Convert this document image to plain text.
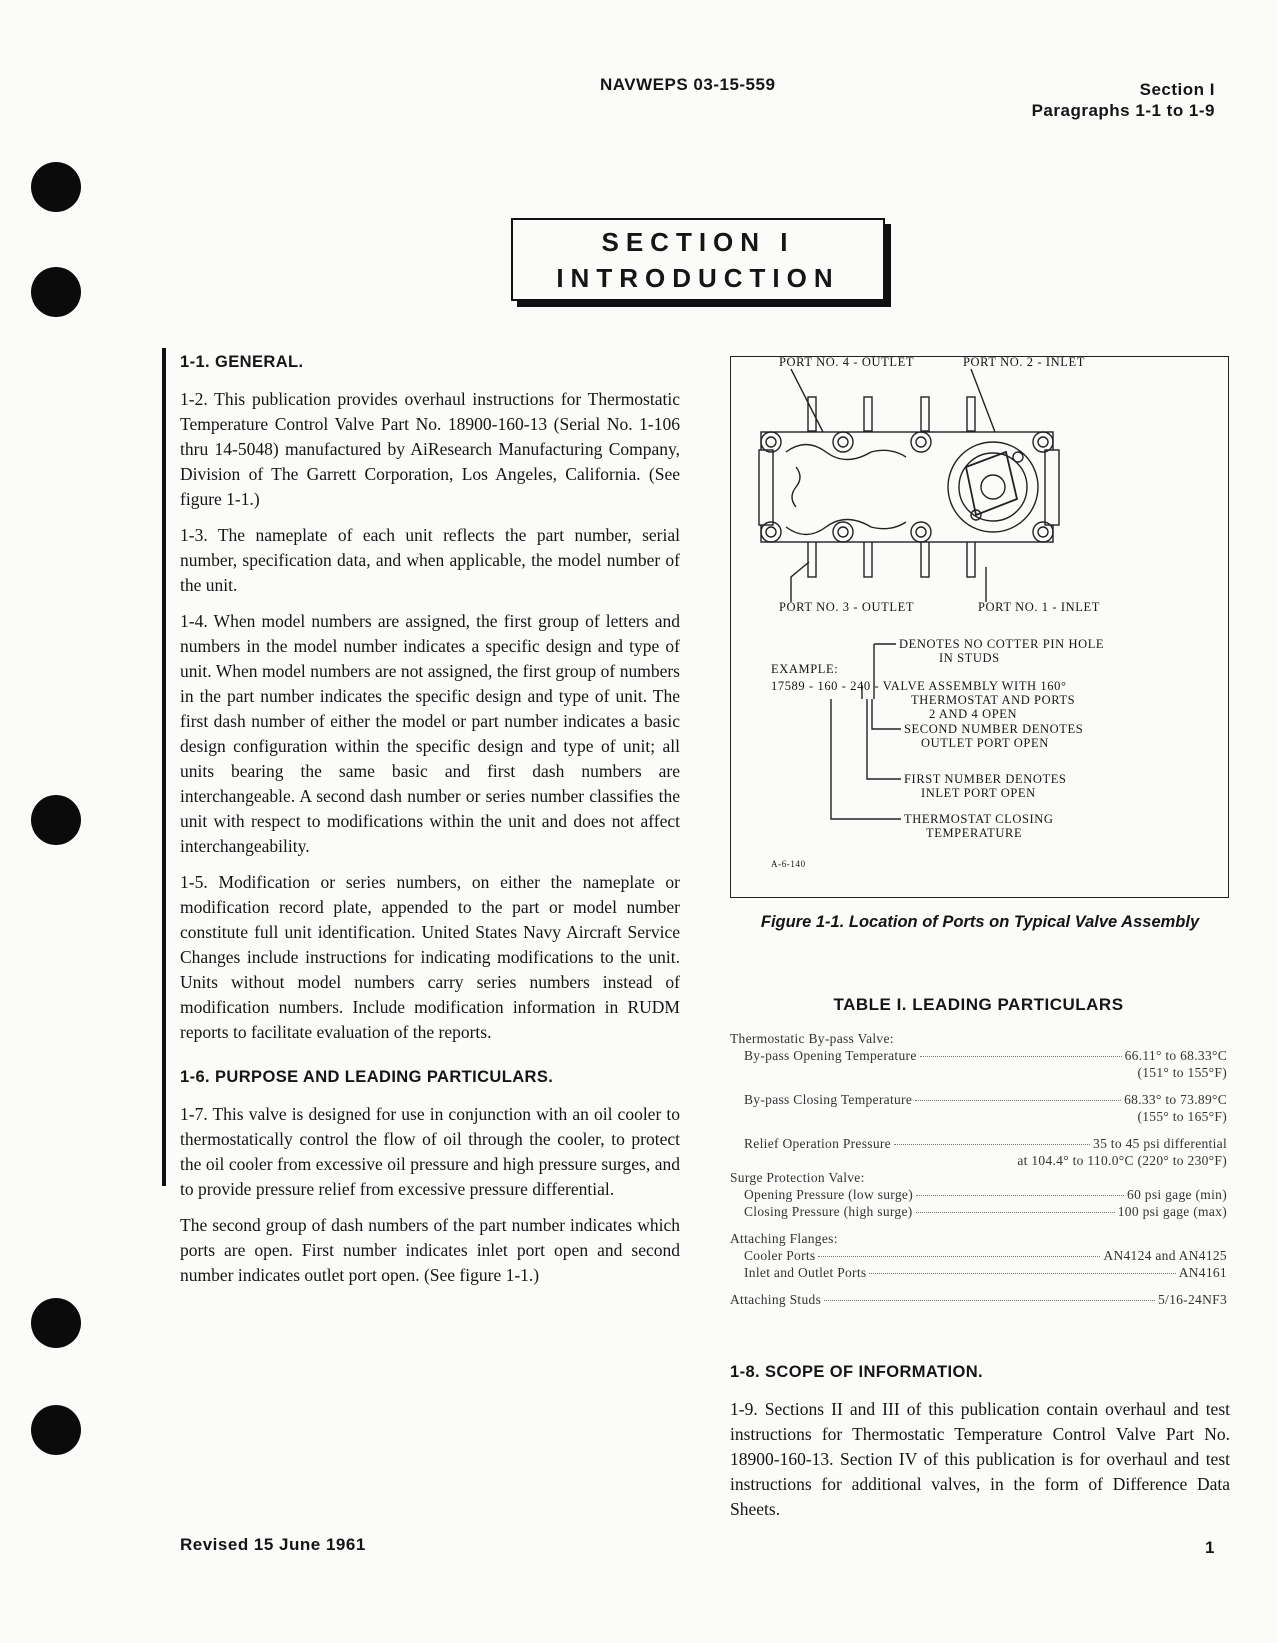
NAVWEPS 03-15-559	Section I
Paragraphs 1-1 to 1-9
SECTION I
INTRODUCTION
1-1. GENERAL.

1-2. This publication provides overhaul instructions for Thermostatic Temperature Control Valve Part No. 18900-160-13 (Serial No. 1-106 thru 14-5048) manufactured by AiResearch Manufacturing Company, Division of The Garrett Corporation, Los Angeles, California. (See figure 1-1.)

1-3. The nameplate of each unit reflects the part number, serial number, specification data, and when applicable, the model number of the unit.

1-4. When model numbers are assigned, the first group of letters and numbers in the model number indicates a specific design and type of unit. When model numbers are not assigned, the first group of numbers in the part number indicates the specific design and type of unit. The first dash number of either the model or part number indicates a basic design configuration within the specific design and type of unit; all units bearing the same basic and first dash numbers are interchangeable. A second dash number or series number classifies the unit with respect to modifications within the unit and does not affect interchangeability.

1-5. Modification or series numbers, on either the nameplate or modification record plate, appended to the part or model number constitute full unit identification. United States Navy Aircraft Service Changes include instructions for indicating modifications to the unit. Units without model numbers carry series numbers instead of modification numbers. Include modification information in RUDM reports to facilitate evaluation of the reports.

1-6. PURPOSE AND LEADING PARTICULARS.

1-7. This valve is designed for use in conjunction with an oil cooler to thermostatically control the flow of oil through the cooler, to protect the oil cooler from excessive oil pressure and high pressure surges, and to provide pressure relief from excessive pressure differential.

The second group of dash numbers of the part number indicates which ports are open. First number indicates inlet port open and second number indicates outlet port open. (See figure 1-1.)

PORT NO. 4 - OUTLET	PORT NO. 2 - INLET
PORT NO. 3 - OUTLET	PORT NO. 1 - INLET
DENOTES NO COTTER PIN HOLE
IN STUDS
EXAMPLE:
17589 - 160 - 240 - VALVE ASSEMBLY WITH 160°
THERMOSTAT AND PORTS
2 AND 4 OPEN
SECOND NUMBER DENOTES
OUTLET PORT OPEN
FIRST NUMBER DENOTES
INLET PORT OPEN
THERMOSTAT CLOSING
TEMPERATURE
A-6-140
Figure 1-1. Location of Ports on Typical Valve Assembly
TABLE I. LEADING PARTICULARS
Thermostatic By-pass Valve:
By-pass Opening Temperature	66.11° to 68.33°C
(151° to 155°F)
By-pass Closing Temperature	68.33° to 73.89°C
(155° to 165°F)
Relief Operation Pressure	35 to 45 psi differential
at 104.4° to 110.0°C (220° to 230°F)
Surge Protection Valve:
Opening Pressure (low surge)	60 psi gage (min)
Closing Pressure (high surge)	100 psi gage (max)
Attaching Flanges:
Cooler Ports	AN4124 and AN4125
Inlet and Outlet Ports	AN4161
Attaching Studs	5/16-24NF3
1-8. SCOPE OF INFORMATION.

1-9. Sections II and III of this publication contain overhaul and test instructions for Thermostatic Temperature Control Valve Part No. 18900-160-13. Section IV of this publication is for overhaul and test instructions for additional valves, in the form of Difference Data Sheets.

Revised 15 June 1961	1
